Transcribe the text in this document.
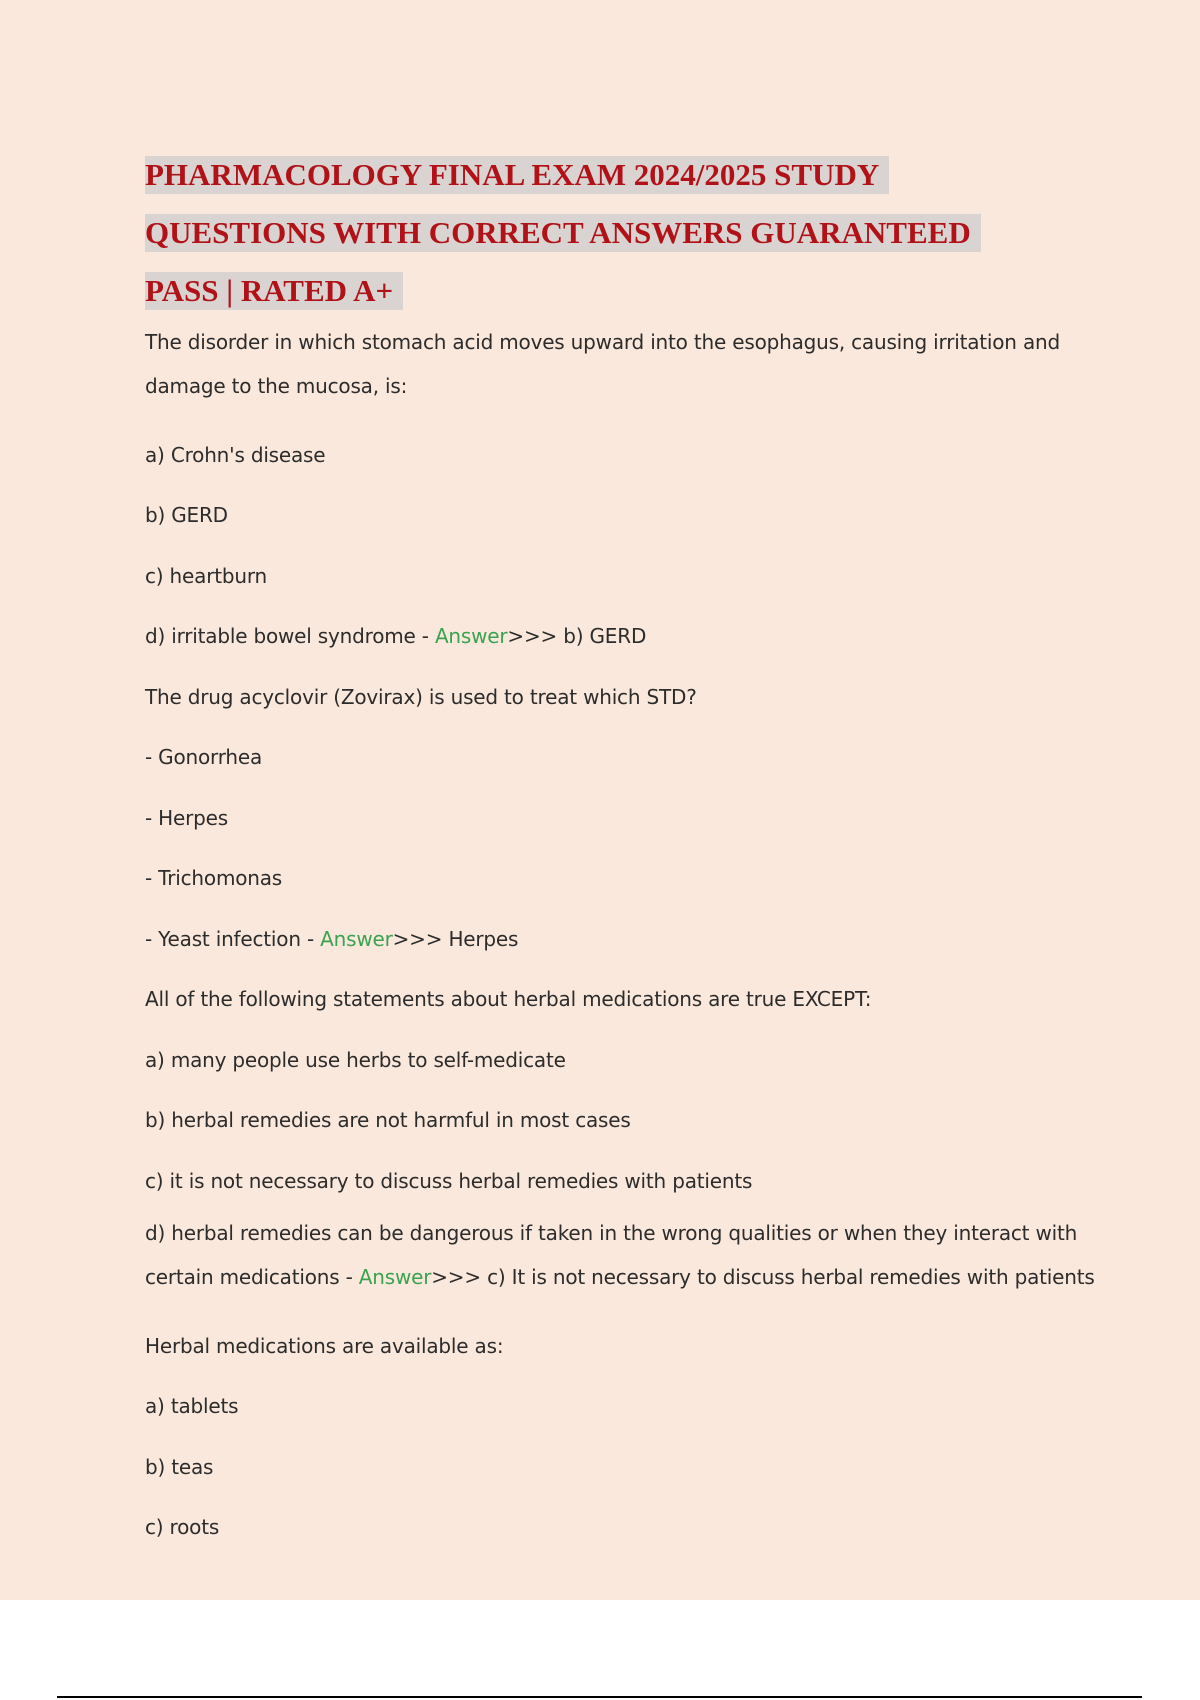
PHARMACOLOGY FINAL EXAM 2024/2025 STUDY
QUESTIONS WITH CORRECT ANSWERS GUARANTEED
PASS | RATED A+
The disorder in which stomach acid moves upward into the esophagus, causing irritation and
damage to the mucosa, is:
a) Crohn's disease
b) GERD
c) heartburn
d) irritable bowel syndrome - Answer>>> b) GERD
The drug acyclovir (Zovirax) is used to treat which STD?
- Gonorrhea
- Herpes
- Trichomonas
- Yeast infection - Answer>>> Herpes
All of the following statements about herbal medications are true EXCEPT:
a) many people use herbs to self-medicate
b) herbal remedies are not harmful in most cases
c) it is not necessary to discuss herbal remedies with patients
d) herbal remedies can be dangerous if taken in the wrong qualities or when they interact with
certain medications - Answer>>> c) It is not necessary to discuss herbal remedies with patients
Herbal medications are available as:
a) tablets
b) teas
c) roots
